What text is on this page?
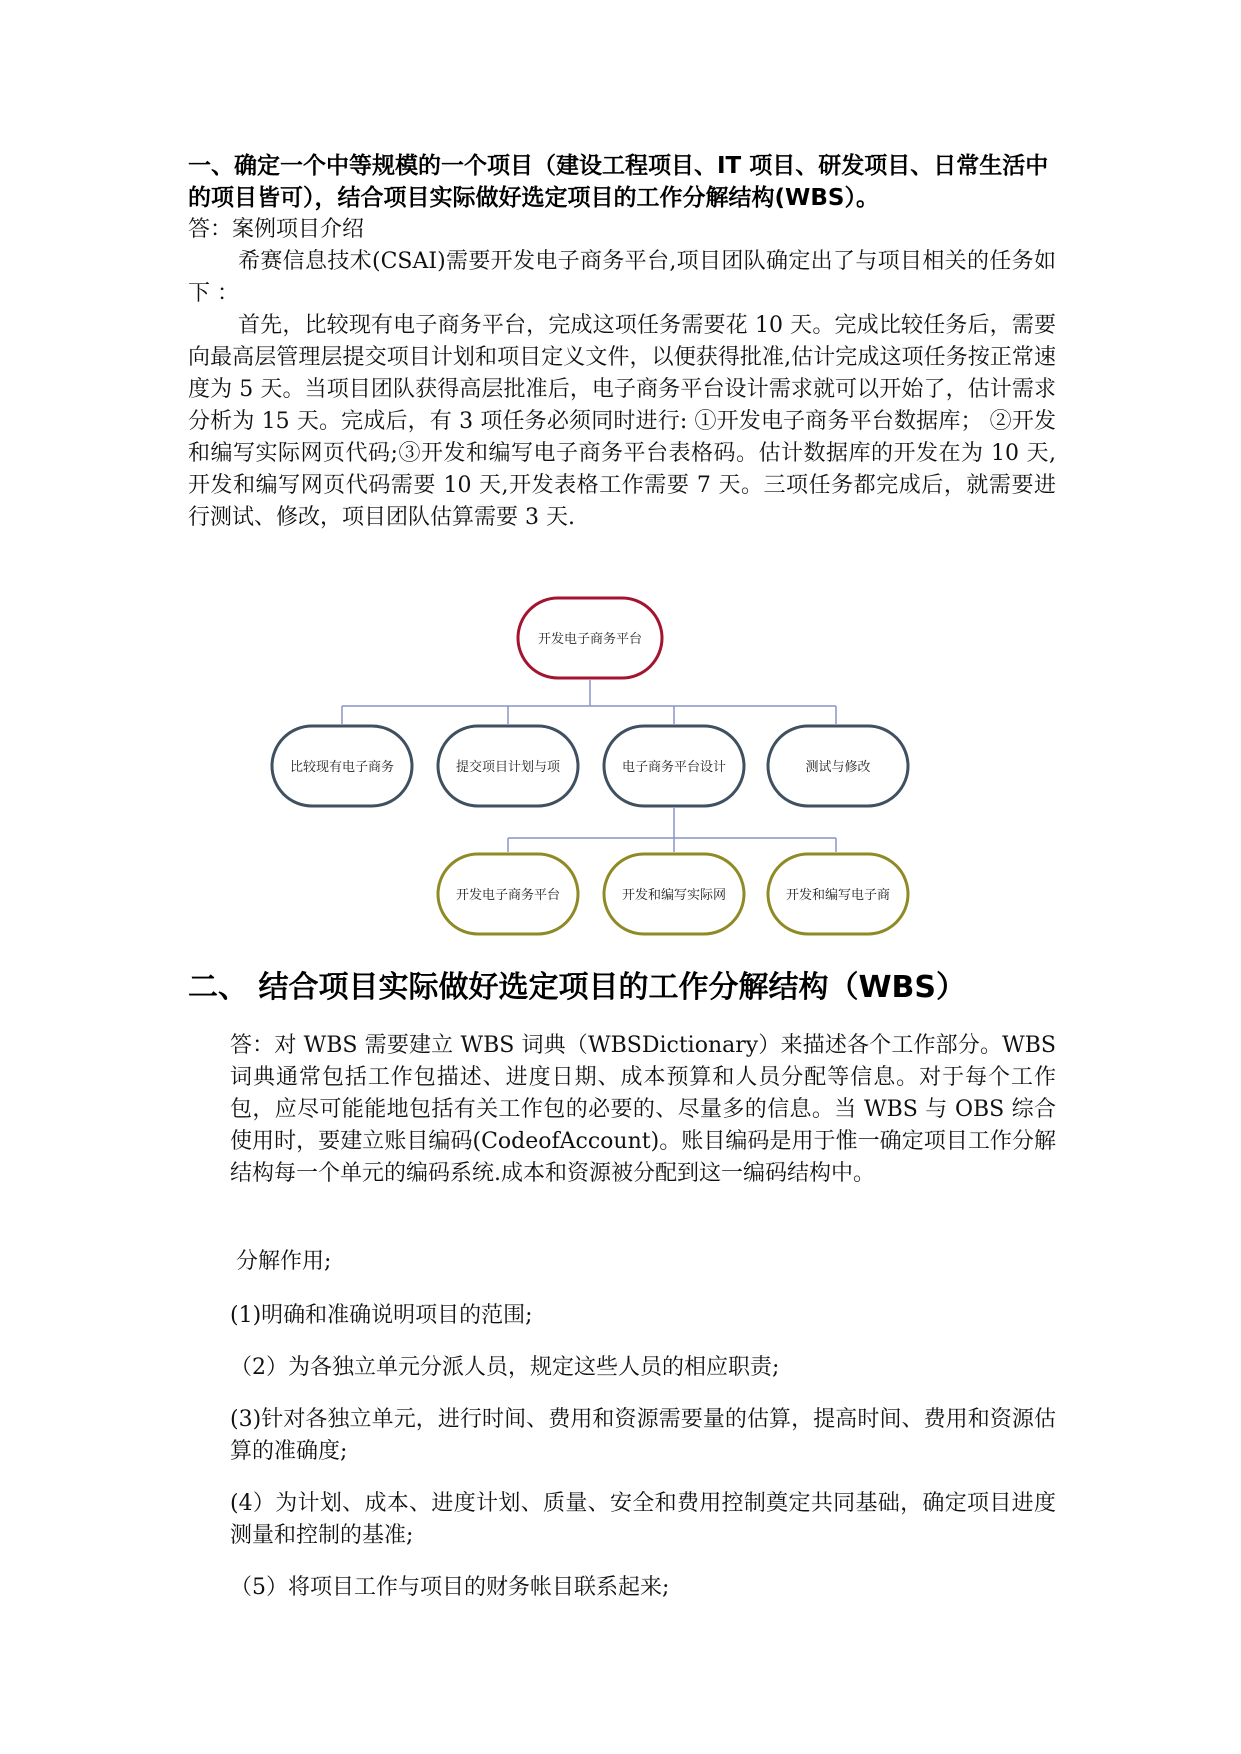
一、确定一个中等规模的一个项目（建设工程项目、IT 项目、研发项目、日常生活中的项目皆可），结合项目实际做好选定项目的工作分解结构(WBS）。
答：案例项目介绍
希赛信息技术(CSAI)需要开发电子商务平台,项目团队确定出了与项目相关的任务如下 ：
首先，比较现有电子商务平台，完成这项任务需要花 10 天。完成比较任务后，需要向最高层管理层提交项目计划和项目定义文件，以便获得批准,估计完成这项任务按正常速度为 5 天。当项目团队获得高层批准后，电子商务平台设计需求就可以开始了，估计需求分析为 15 天。完成后，有 3 项任务必须同时进行: ①开发电子商务平台数据库； ②开发和编写实际网页代码;③开发和编写电子商务平台表格码。估计数据库的开发在为 10 天,开发和编写网页代码需要 10 天,开发表格工作需要 7 天。三项任务都完成后，就需要进行测试、修改，项目团队估算需要 3 天.
开发电子商务平台
比较现有电子商务	提交项目计划与项	电子商务平台设计	测试与修改
开发电子商务平台	开发和编写实际网	开发和编写电子商
二、 结合项目实际做好选定项目的工作分解结构（WBS）
答：对 WBS 需要建立 WBS 词典（WBSDictionary）来描述各个工作部分。WBS 词典通常包括工作包描述、进度日期、成本预算和人员分配等信息。对于每个工作包，应尽可能能地包括有关工作包的必要的、尽量多的信息。当 WBS 与 OBS 综合使用时，要建立账目编码(CodeofAccount)。账目编码是用于惟一确定项目工作分解结构每一个单元的编码系统.成本和资源被分配到这一编码结构中。
分解作用;
(1)明确和准确说明项目的范围;
（2）为各独立单元分派人员，规定这些人员的相应职责;
(3)针对各独立单元，进行时间、费用和资源需要量的估算，提高时间、费用和资源估算的准确度;
(4）为计划、成本、进度计划、质量、安全和费用控制奠定共同基础，确定项目进度测量和控制的基准;
（5）将项目工作与项目的财务帐目联系起来;
